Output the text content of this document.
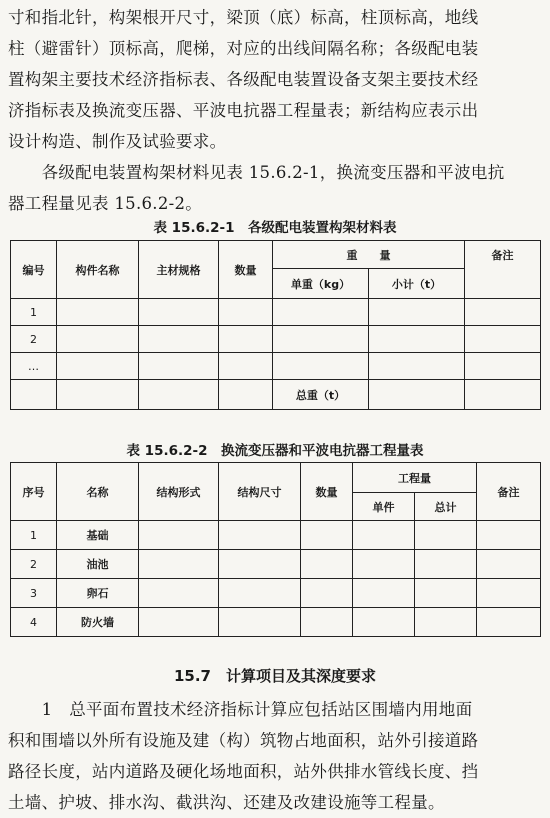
寸和指北针，构架根开尺寸，梁顶（底）标高，柱顶标高，地线
柱（避雷针）顶标高，爬梯，对应的出线间隔名称；各级配电装
置构架主要技术经济指标表、各级配电装置设备支架主要技术经
济指标表及换流变压器、平波电抗器工程量表；新结构应表示出
设计构造、制作及试验要求。
　　各级配电装置构架材料见表 15.6.2-1，换流变压器和平波电抗
器工程量见表 15.6.2-2。
表 15.6.2-1　各级配电装置构架材料表
编号	构件名称	主材规格	数量	重　　量		备注
				单重（kg）	小计（t）	
1						
2						
…						
				总重（t）		
表 15.6.2-2　换流变压器和平波电抗器工程量表
序号	名称	结构形式	结构尺寸	数量	工程量		备注
					单件	总计	
1	基础						
2	油池						
3	卵石						
4	防火墙						
15.7　计算项目及其深度要求
　　1　总平面布置技术经济指标计算应包括站区围墙内用地面
积和围墙以外所有设施及建（构）筑物占地面积，站外引接道路
路径长度，站内道路及硬化场地面积，站外供排水管线长度、挡
土墙、护坡、排水沟、截洪沟、还建及改建设施等工程量。
